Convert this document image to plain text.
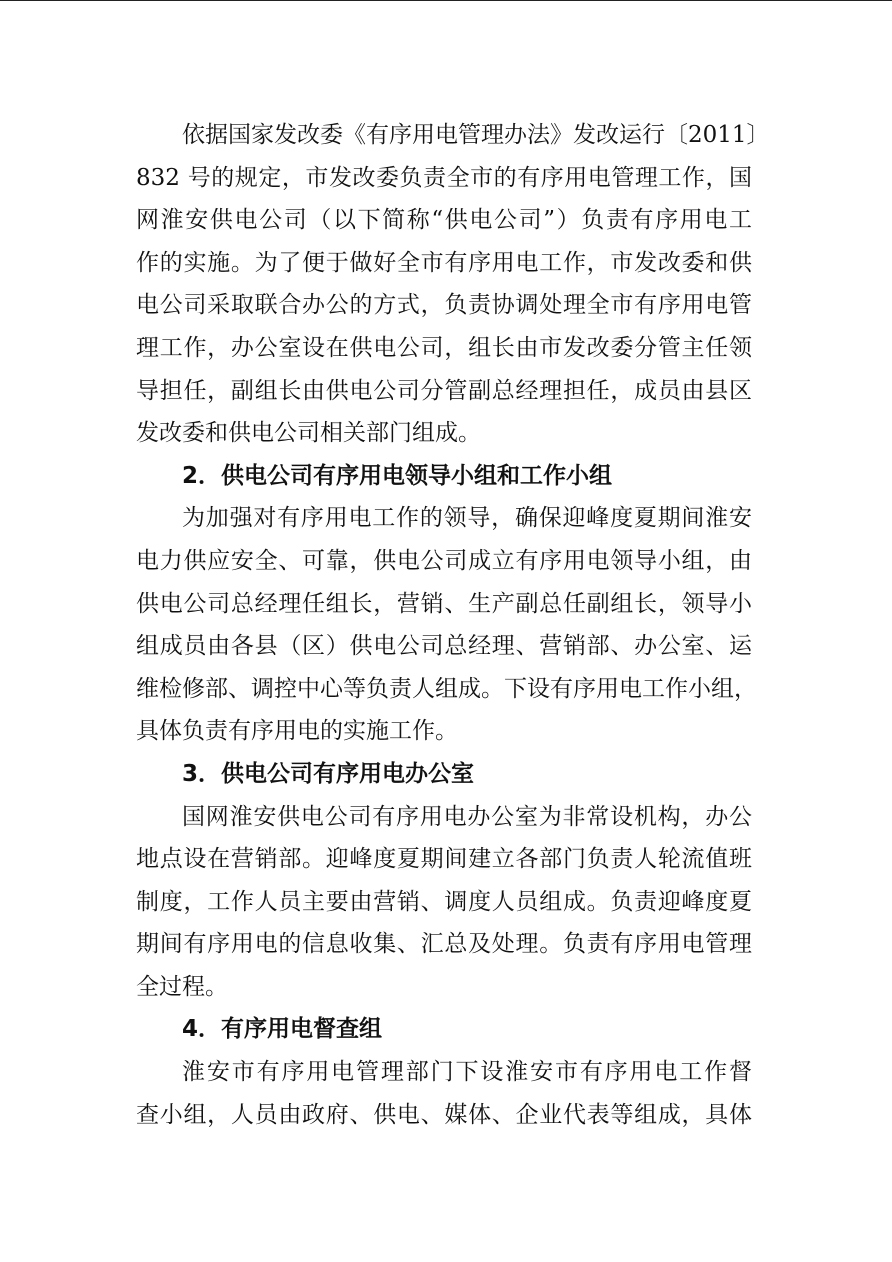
依据国家发改委《有序用电管理办法》发改运行〔2011〕
832 号的规定，市发改委负责全市的有序用电管理工作，国
网淮安供电公司（以下简称“供电公司”）负责有序用电工
作的实施。为了便于做好全市有序用电工作，市发改委和供
电公司采取联合办公的方式，负责协调处理全市有序用电管
理工作，办公室设在供电公司，组长由市发改委分管主任领
导担任，副组长由供电公司分管副总经理担任，成员由县区
发改委和供电公司相关部门组成。
2．供电公司有序用电领导小组和工作小组
为加强对有序用电工作的领导，确保迎峰度夏期间淮安
电力供应安全、可靠，供电公司成立有序用电领导小组，由
供电公司总经理任组长，营销、生产副总任副组长，领导小
组成员由各县（区）供电公司总经理、营销部、办公室、运
维检修部、调控中心等负责人组成。下设有序用电工作小组，
具体负责有序用电的实施工作。
3．供电公司有序用电办公室
国网淮安供电公司有序用电办公室为非常设机构，办公
地点设在营销部。迎峰度夏期间建立各部门负责人轮流值班
制度，工作人员主要由营销、调度人员组成。负责迎峰度夏
期间有序用电的信息收集、汇总及处理。负责有序用电管理
全过程。
4．有序用电督查组
淮安市有序用电管理部门下设淮安市有序用电工作督
查小组，人员由政府、供电、媒体、企业代表等组成，具体
